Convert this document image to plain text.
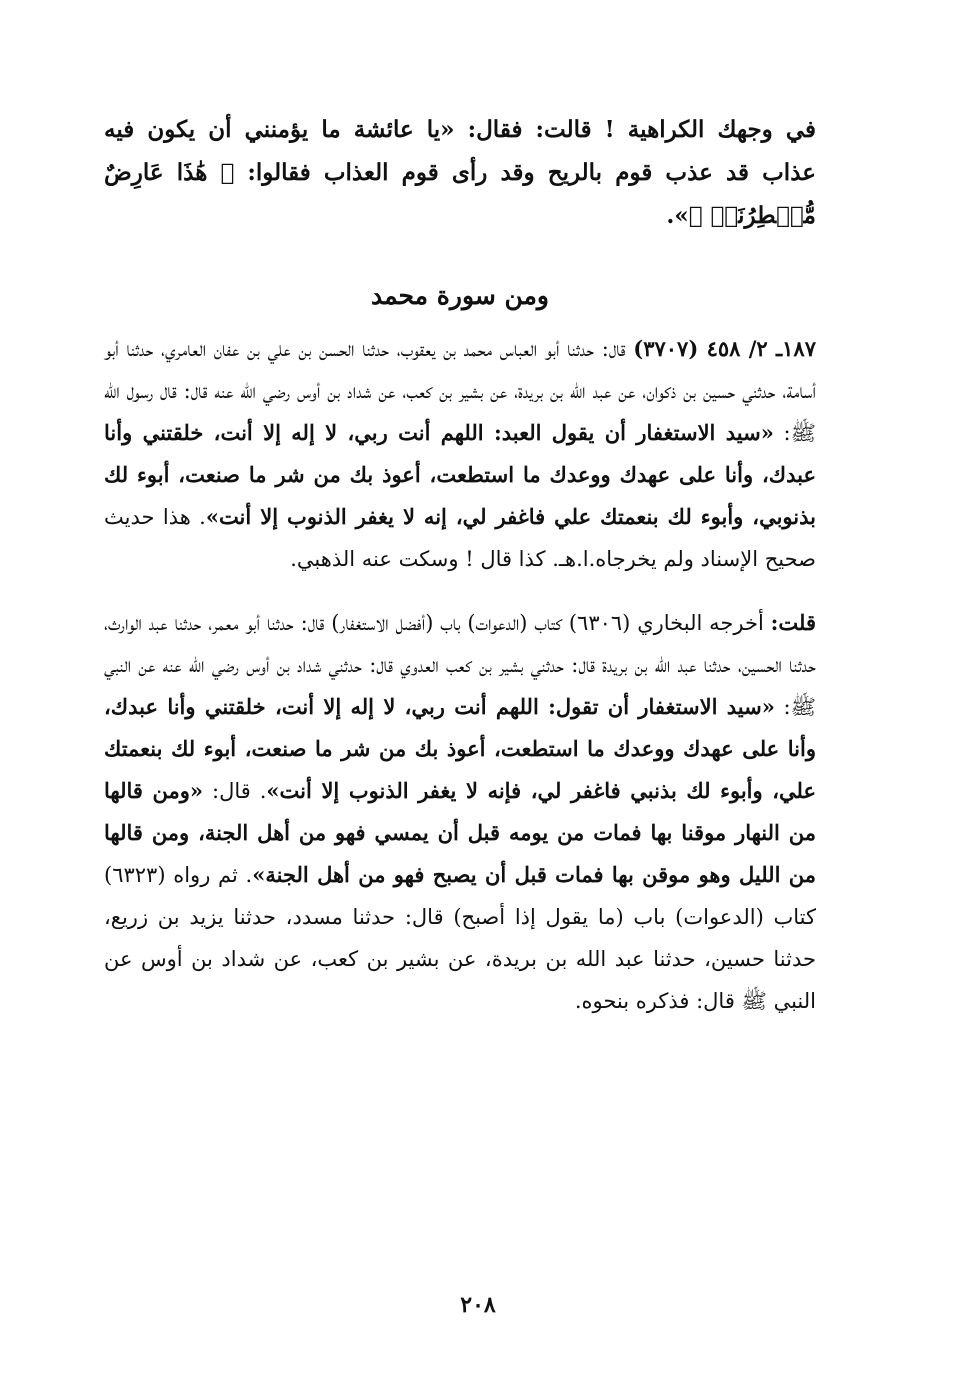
في وجهك الكراهية ! قالت: فقال: «يا عائشة ما يؤمنني أن يكون فيه عذاب قد عذب قوم بالريح وقد رأى قوم العذاب فقالوا: ﴿ هَٰذَا عَارِضٌ مُّمۡطِرُنَاۚ ﴾».

ومن سورة محمد

١٨٧ـ ٢/ ٤٥٨ (٣٧٠٧) قال: حدثنا أبو العباس محمد بن يعقوب، حدثنا الحسن بن علي بن عفان العامري، حدثنا أبو أسامة، حدثني حسين بن ذكوان، عن عبد الله بن بريدة، عن بشير بن كعب، عن شداد بن أوس رضي الله عنه قال: قال رسول الله ﷺ: «سيد الاستغفار أن يقول العبد: اللهم أنت ربي، لا إله إلا أنت، خلقتني وأنا عبدك، وأنا على عهدك ووعدك ما استطعت، أعوذ بك من شر ما صنعت، أبوء لك بذنوبي، وأبوء لك بنعمتك علي فاغفر لي، إنه لا يغفر الذنوب إلا أنت». هذا حديث صحيح الإسناد ولم يخرجاه.ا.هـ. كذا قال ! وسكت عنه الذهبي.

قلت: أخرجه البخاري (٦٣٠٦) كتاب (الدعوات) باب (أفضل الاستغفار) قال: حدثنا أبو معمر، حدثنا عبد الوارث، حدثنا الحسين، حدثنا عبد الله بن بريدة قال: حدثني بشير بن كعب العدوي قال: حدثني شداد بن أوس رضي الله عنه عن النبي ﷺ: «سيد الاستغفار أن تقول: اللهم أنت ربي، لا إله إلا أنت، خلقتني وأنا عبدك، وأنا على عهدك ووعدك ما استطعت، أعوذ بك من شر ما صنعت، أبوء لك بنعمتك علي، وأبوء لك بذنبي فاغفر لي، فإنه لا يغفر الذنوب إلا أنت». قال: «ومن قالها من النهار موقنا بها فمات من يومه قبل أن يمسي فهو من أهل الجنة، ومن قالها من الليل وهو موقن بها فمات قبل أن يصبح فهو من أهل الجنة». ثم رواه (٦٣٢٣) كتاب (الدعوات) باب (ما يقول إذا أصبح) قال: حدثنا مسدد، حدثنا يزيد بن زريع، حدثنا حسين، حدثنا عبد الله بن بريدة، عن بشير بن كعب، عن شداد بن أوس عن النبي ﷺ قال: فذكره بنحوه.

٢٠٨
